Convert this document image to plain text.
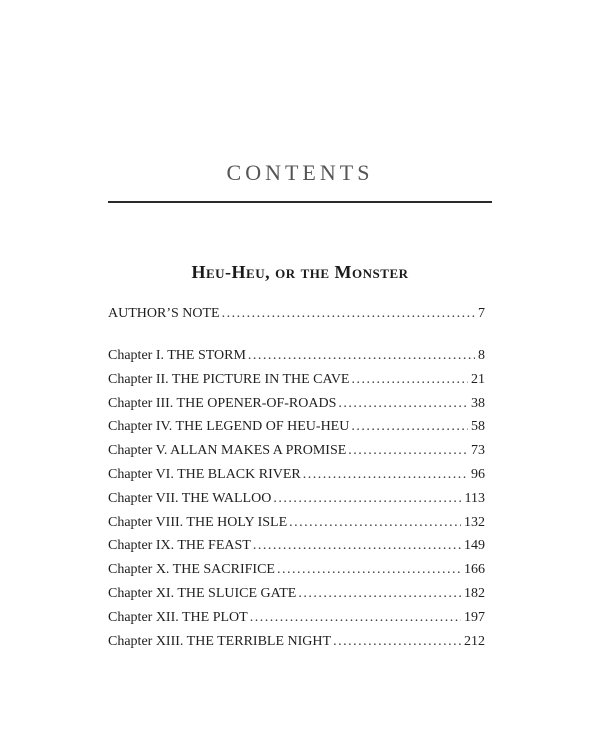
CONTENTS
Heu-Heu, or the Monster
AUTHOR’S NOTE .....	7
Chapter I. THE STORM .....	8
Chapter II. THE PICTURE IN THE CAVE .....	21
Chapter III. THE OPENER-OF-ROADS .....	38
Chapter IV. THE LEGEND OF HEU-HEU .....	58
Chapter V. ALLAN MAKES A PROMISE .....	73
Chapter VI. THE BLACK RIVER .....	96
Chapter VII. THE WALLOO .....	113
Chapter VIII. THE HOLY ISLE .....	132
Chapter IX. THE FEAST .....	149
Chapter X. THE SACRIFICE .....	166
Chapter XI. THE SLUICE GATE .....	182
Chapter XII. THE PLOT .....	197
Chapter XIII. THE TERRIBLE NIGHT .....	212
